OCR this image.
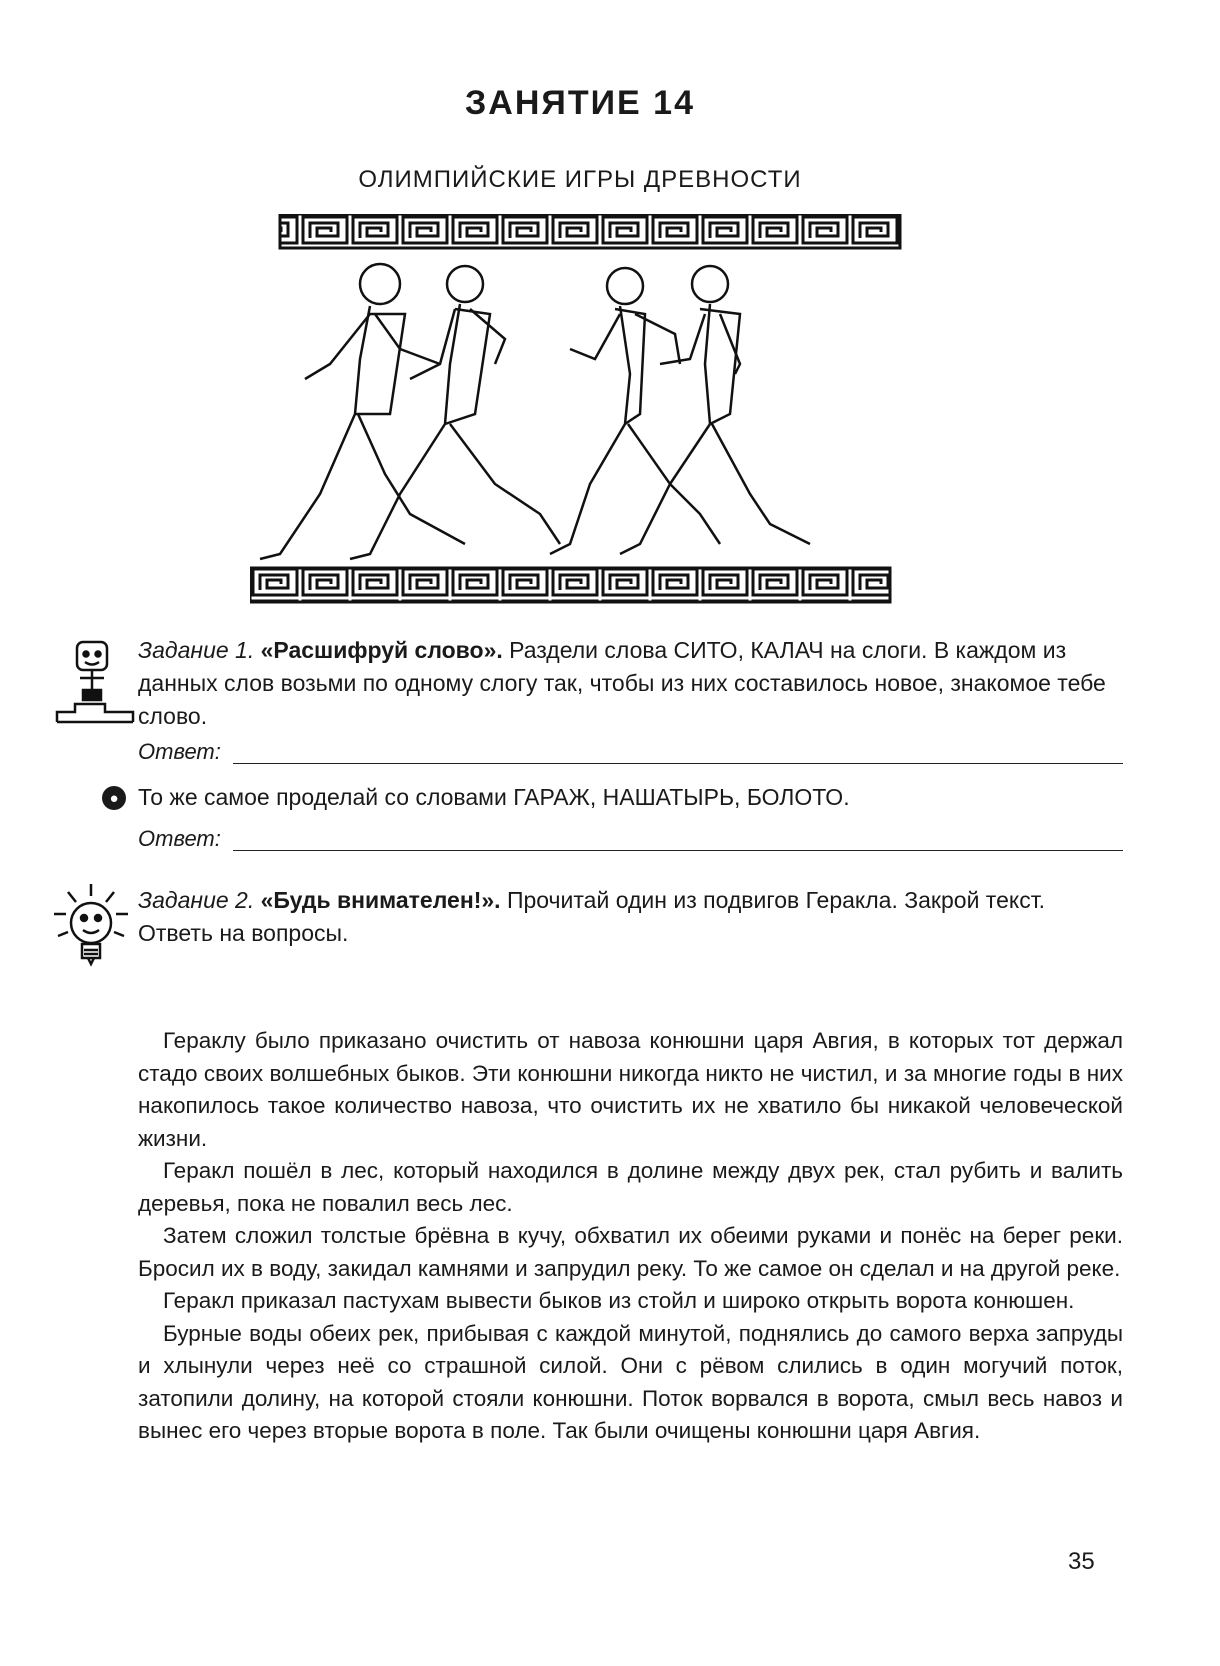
ЗАНЯТИЕ 14
ОЛИМПИЙСКИЕ ИГРЫ ДРЕВНОСТИ
Задание 1. «Расшифруй слово». Раздели слова СИТО, КАЛАЧ на слоги. В каждом из данных слов возьми по одному слогу так, чтобы из них составилось новое, знакомое тебе слово.
Ответ:
● То же самое проделай со словами ГАРАЖ, НАШАТЫРЬ, БОЛОТО.
Ответ:
Задание 2. «Будь внимателен!». Прочитай один из подвигов Геракла. Закрой текст. Ответь на вопросы.

Гераклу было приказано очистить от навоза конюшни царя Авгия, в которых тот держал стадо своих волшебных быков. Эти конюшни никогда никто не чистил, и за многие годы в них накопилось такое количество навоза, что очистить их не хватило бы никакой человеческой жизни.

Геракл пошёл в лес, который находился в долине между двух рек, стал рубить и валить деревья, пока не повалил весь лес.

Затем сложил толстые брёвна в кучу, обхватил их обеими руками и понёс на берег реки. Бросил их в воду, закидал камнями и запрудил реку. То же самое он сделал и на другой реке.

Геракл приказал пастухам вывести быков из стойл и широко открыть ворота конюшен.

Бурные воды обеих рек, прибывая с каждой минутой, поднялись до самого верха запруды и хлынули через неё со страшной силой. Они с рёвом слились в один могучий поток, затопили долину, на которой стояли конюшни. Поток ворвался в ворота, смыл весь навоз и вынес его через вторые ворота в поле. Так были очищены конюшни царя Авгия.

35
